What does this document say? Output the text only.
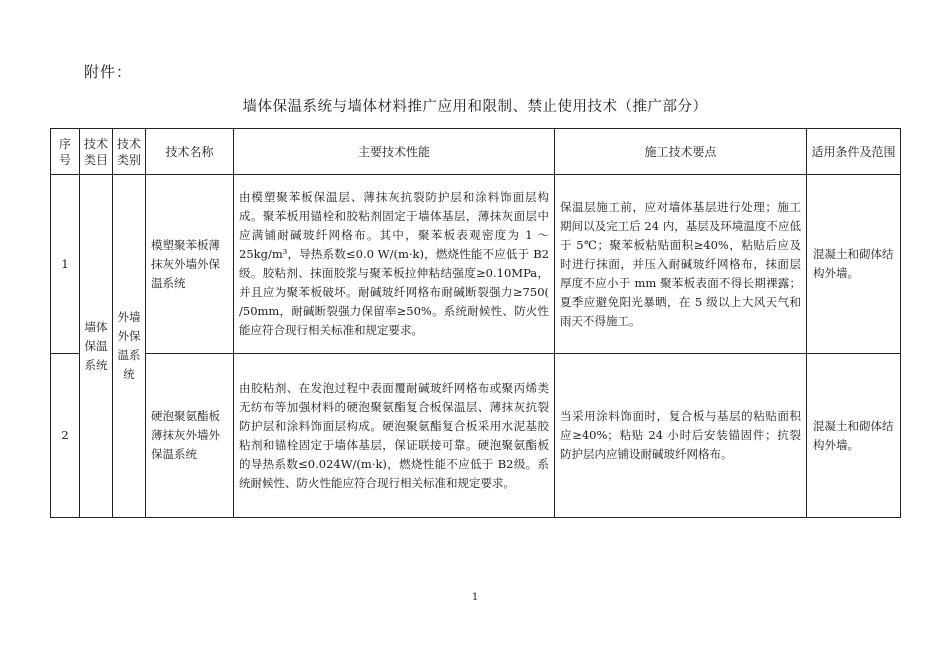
附件：
墙体保温系统与墙体材料推广应用和限制、禁止使用技术（推广部分）
序号	技术类目	技术类别	技术名称	主要技术性能	施工技术要点	适用条件及范围
1	墙体保温系统	外墙外保温系统	模塑聚苯板薄抹灰外墙外保温系统	由模塑聚苯板保温层、薄抹灰抗裂防护层和涂料饰面层构成。聚苯板用锚栓和胶粘剂固定于墙体基层，薄抹灰面层中应满铺耐碱玻纤网格布。其中，聚苯板表观密度为 1 ～25kg/m³，导热系数≤0.0 W/(m·k)，燃烧性能不应低于 B2级。胶粘剂、抹面胶浆与聚苯板拉伸粘结强度≥0.10MPa，并且应为聚苯板破坏。耐碱玻纤网格布耐碱断裂强力≥750( /50mm，耐碱断裂强力保留率≥50%。系统耐候性、防火性能应符合现行相关标准和规定要求。	保温层施工前，应对墙体基层进行处理；施工期间以及完工后 24 内，基层及环境温度不应低于 5℃；聚苯板粘贴面积≥40%，粘贴后应及时进行抹面，并压入耐碱玻纤网格布，抹面层厚度不应小于 mm 聚苯板表面不得长期裸露；夏季应避免阳光暴晒，在 5 级以上大风天气和雨天不得施工。	混凝土和砌体结构外墙。
2			硬泡聚氨酯板薄抹灰外墙外保温系统	由胶粘剂、在发泡过程中表面覆耐碱玻纤网格布或聚丙烯类无纺布等加强材料的硬泡聚氨酯复合板保温层、薄抹灰抗裂防护层和涂料饰面层构成。硬泡聚氨酯复合板采用水泥基胶粘剂和锚栓固定于墙体基层，保证联接可靠。硬泡聚氨酯板的导热系数≤0.024W/(m·k)，燃烧性能不应低于 B2级。系统耐候性、防火性能应符合现行相关标准和规定要求。	当采用涂料饰面时，复合板与基层的粘贴面积应≥40%；粘贴 24 小时后安装锚固件；抗裂防护层内应铺设耐碱玻纤网格布。	混凝土和砌体结构外墙。
1
